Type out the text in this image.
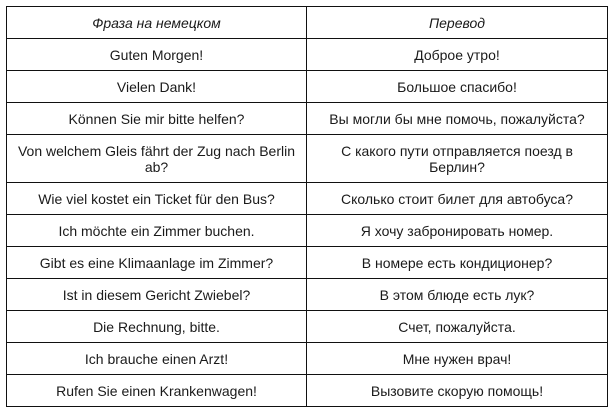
Фраза на немецком	Перевод
Guten Morgen!	Доброе утро!
Vielen Dank!	Большое спасибо!
Können Sie mir bitte helfen?	Вы могли бы мне помочь, пожалуйста?
Von welchem Gleis fährt der Zug nach Berlin ab?	С какого пути отправляется поезд в Берлин?
Wie viel kostet ein Ticket für den Bus?	Сколько стоит билет для автобуса?
Ich möchte ein Zimmer buchen.	Я хочу забронировать номер.
Gibt es eine Klimaanlage im Zimmer?	В номере есть кондиционер?
Ist in diesem Gericht Zwiebel?	В этом блюде есть лук?
Die Rechnung, bitte.	Счет, пожалуйста.
Ich brauche einen Arzt!	Мне нужен врач!
Rufen Sie einen Krankenwagen!	Вызовите скорую помощь!
